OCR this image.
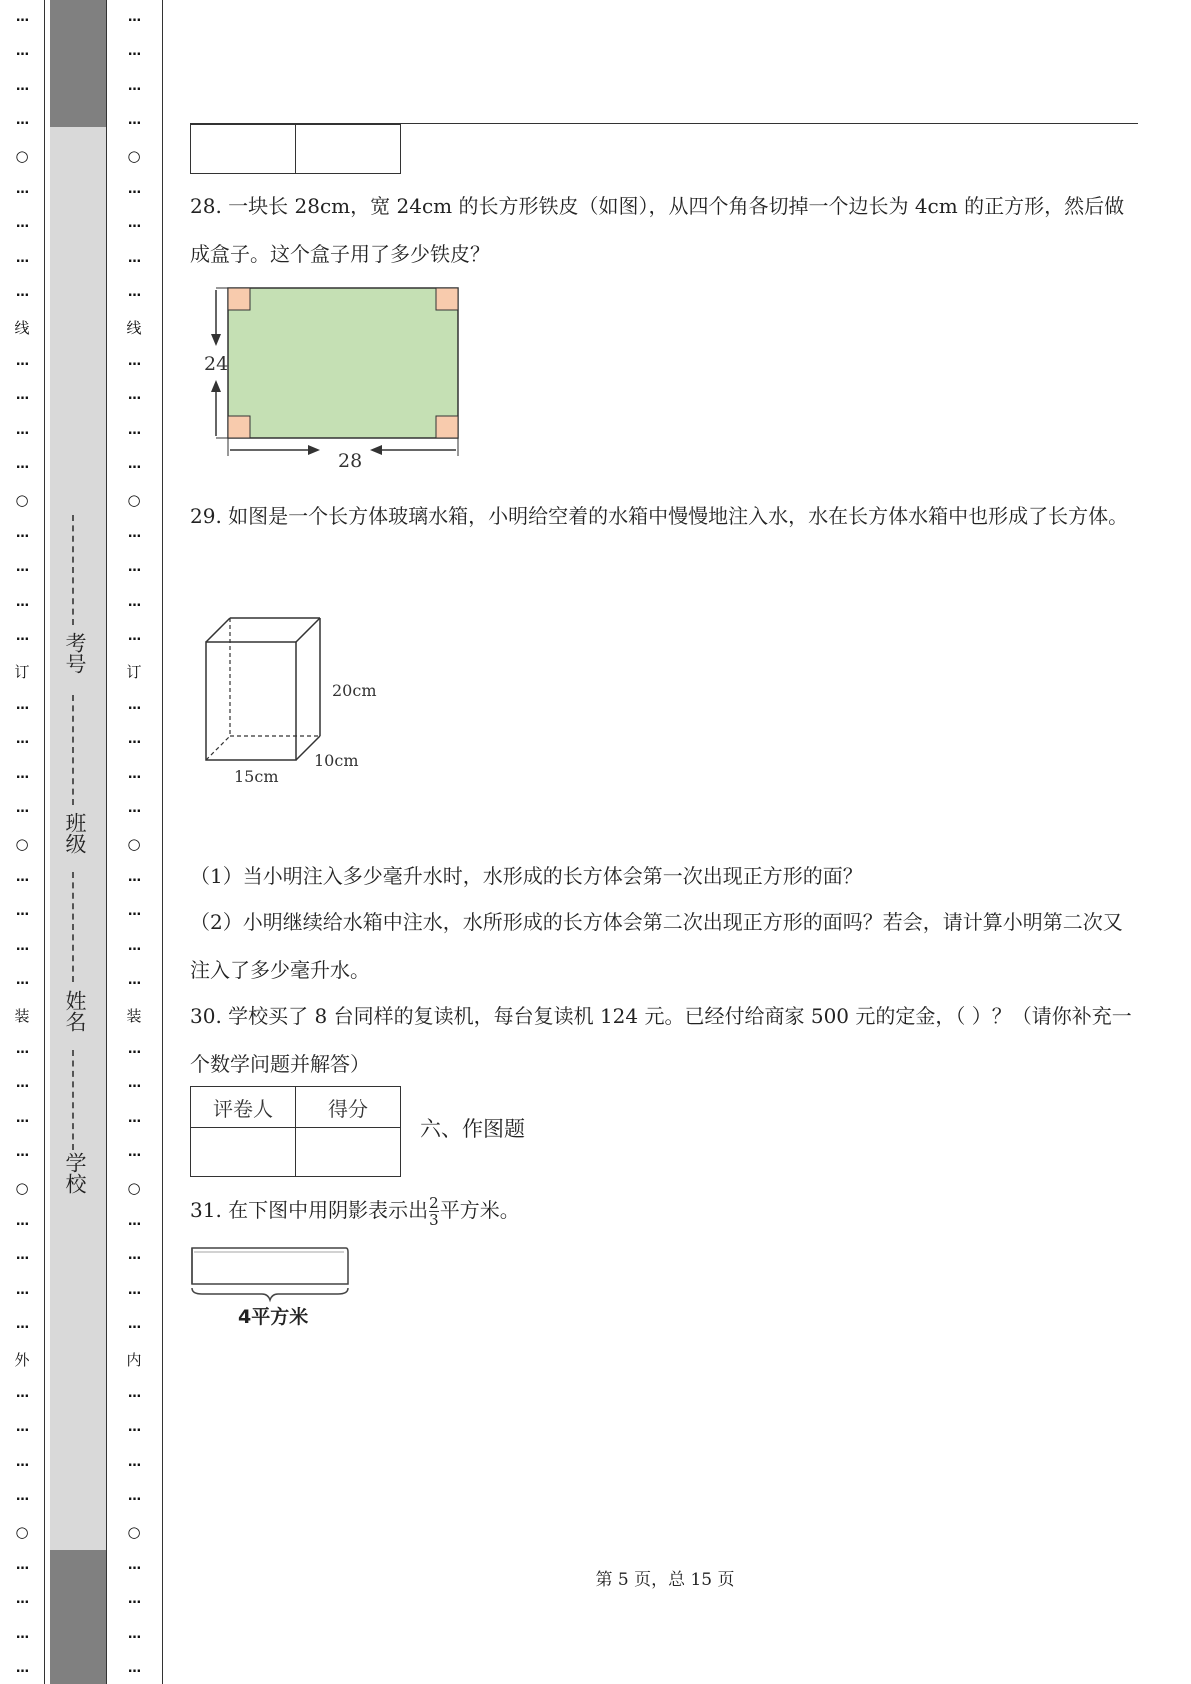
…
…
…
…
○
…
…
…
…
线
…
…
…
…
○
…
…
…
…
订
…
…
…
…
○
…
…
…
…
装
…
…
…
…
○
…
…
…
…
外
…
…
…
…
○
…
…
…
…
…
…
…
…
○
…
…
…
…
线
…
…
…
…
○
…
…
…
…
订
…
…
…
…
○
…
…
…
…
装
…
…
…
…
○
…
…
…
…
内
…
…
…
…
○
…
…
…
…
考号
班级
姓名
学校

28. 一块长 28cm，宽 24cm 的长方形铁皮（如图），从四个角各切掉一个边长为 4cm 的正方形，然后做成盒子。这个盒子用了多少铁皮？
24
28
29. 如图是一个长方体玻璃水箱，小明给空着的水箱中慢慢地注入水，水在长方体水箱中也形成了长方体。
20cm
10cm
15cm
（1）当小明注入多少毫升水时，水形成的长方体会第一次出现正方形的面？
（2）小明继续给水箱中注水，水所形成的长方体会第二次出现正方形的面吗？若会，请计算小明第二次又注入了多少毫升水。
30. 学校买了 8 台同样的复读机，每台复读机 124 元。已经付给商家 500 元的定金，（ ）？（请你补充一个数学问题并解答）
评卷人	得分

六、作图题
31. 在下图中用阴影表示出 $\frac{2}{3}$ 平方米。
4平方米
第 5 页，总 15 页
